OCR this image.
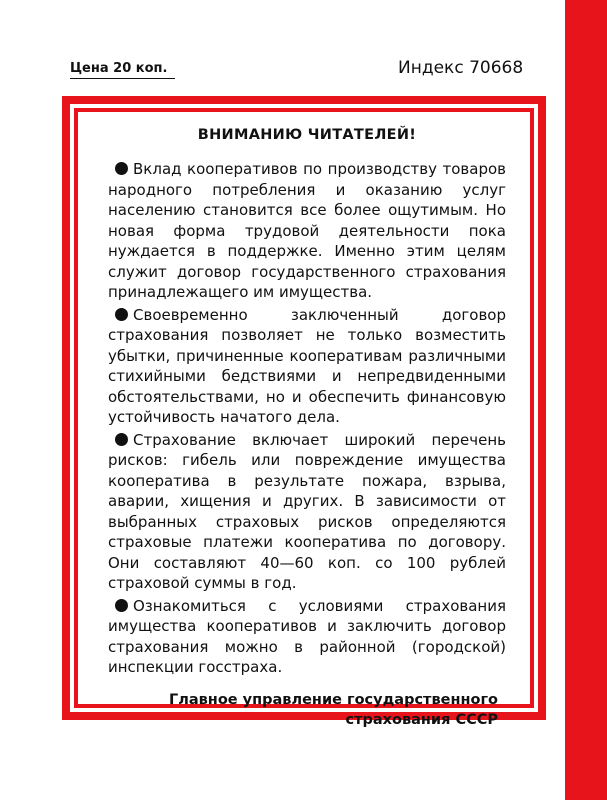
Цена 20 коп.	Индекс 70668
ВНИМАНИЮ ЧИТАТЕЛЕЙ!

Вклад кооперативов по производству товаров народного потребления и оказанию услуг населению становится все более ощутимым. Но новая форма трудовой деятельности пока нуждается в поддержке. Именно этим целям служит договор государственного страхования принадлежащего им имущества.

Своевременно заключенный договор страхования позволяет не только возместить убытки, причиненные кооперативам различными стихийными бедствиями и непредвиденными обстоятельствами, но и обеспечить финансовую устойчивость начатого дела.

Страхование включает широкий перечень рисков: гибель или повреждение имущества кооператива в результате пожара, взрыва, аварии, хищения и других. В зависимости от выбранных страховых рисков определяются страховые платежи кооператива по договору. Они составляют 40—60 коп. со 100 рублей страховой суммы в год.

Ознакомиться с условиями страхования имущества кооперативов и заключить договор страхования можно в районной (городской) инспекции госстраха.

Главное управление государственного
страхования СССР
